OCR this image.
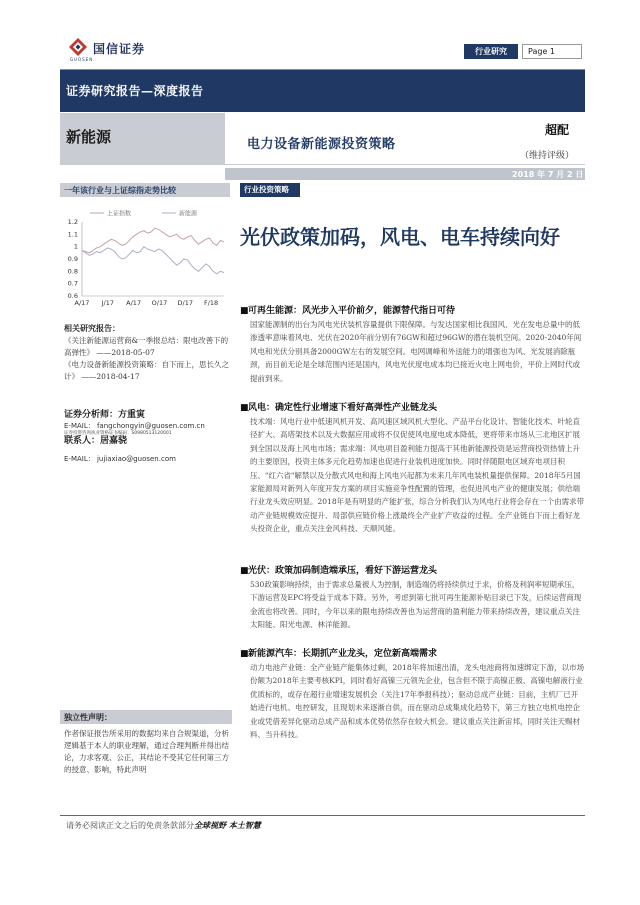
国信证券
GUOSEN
行业研究	Page 1
证券研究报告—深度报告
新能源	电力设备新能源投资策略
超配
（维持评级）
2018 年 7 月 2 日
一年该行业与上证综指走势比较
上证指数	新能源
1.2
1.1
1
0.9
0.8
0.7
0.6
A/17 J/17 A/17 O/17 D/17 F/18
相关研究报告：
《关注新能源运营商&一季报总结：限电改善下的高弹性》 ——2018-05-07
《电力设备新能源投资策略：自下而上，思长久之计》 ——2018-04-17
证券分析师：方重寅
E-MAIL： fangchongyin@guosen.com.cn
证券投资咨询执业资格证书编码：S0980513120001
联系人：居嘉骁
E-MAIL： jujiaxiao@guosen.com
独立性声明：
作者保证报告所采用的数据均来自合规渠道，分析逻辑基于本人的职业理解，通过合理判断并得出结论，力求客观、公正，其结论不受其它任何第三方的授意、影响，特此声明
行业投资策略
光伏政策加码，风电、电车持续向好
■可再生能源：风光步入平价前夕，能源替代指日可待
国家能源制的出台为风电光伏装机容量提供下限保障。与发达国家相比我国风、光在发电总量中的低渗透率意味着风电、光伏在2020年前分别有76GW和超过96GW的潜在装机空间。2020-2040年间风电和光伏分别具备2000GW左右的发展空间。电网调峰和外送能力的增强也为风、光发展消除瓶颈，而目前无论是全球范围内还是国内，风电光伏度电成本均已接近火电上网电价，平价上网时代或提前到来。
■风电：确定性行业增速下看好高弹性产业链龙头
技术端：风电行业中低速风机开发、高风速区域风机大型化、产品平台化设计、智能化技术、叶轮直径扩大、高塔架技术以及大数据应用或将不仅促使风电度电成本降低，更将带来市场从三北地区扩展到全国以及海上风电市场；需求端：风电项目盈利能力提高于其他新能源投资是运营商投资热情上升的主要原因，投资主体多元化趋势加速也促进行业装机进度加快。同时伴随限电区域弃电项目积压、"红六省"解禁以及分散式风电和海上风电兴起都为未来几年风电装机量提供保障。2018年5月国家能源局对新列入年度开发方案的项目实施竞争性配置的管理，也促进风电产业的健康发展；供给端行业龙头效应明显。2018年是有明显的产能扩张，综合分析我们认为风电行业将会存在一个由需求带动产业链规模效应提升、局部供应链价格上涨最终全产业扩产收益的过程。全产业链自下而上看好龙头投资企业，重点关注金风科技、天顺风能。
■光伏：政策加码制造端承压，看好下游运营龙头
530政策影响持续，由于需求总量被人为控制，制造端仍将持续供过于求，价格及利润率短期承压，下游运营及EPC将受益于成本下降。另外，考虑到第七批可再生能源补贴目录已下发，后续运营商现金流也将改善。同时，今年以来的限电持续改善也为运营商的盈利能力带来持续改善，建议重点关注太阳能、阳光电源、林洋能源。
■新能源汽车：长期抓产业龙头，定位新高端需求
动力电池产业链：全产业链产能集体过剩，2018年将加速出清，龙头电池商将加速绑定下游，以市场份额为2018年主要考核KPI，同时看好高镍三元领先企业，包含但不限于高镍正极、高镍电解液行业优质标的，或存在超行业增速发展机会（关注17年季报科技）；驱动总成产业链：目前，主机厂已开始进行电机、电控研发，且现划未来逐渐自供，而在驱动总成集成化趋势下，第三方独立电机电控企业或凭借差异化驱动总成产品和成本优势依然存在较大机会。建议重点关注新宙邦，同时关注天赐材料、当升科技。
请务必阅读正文之后的免责条款部分全球视野 本土智慧
